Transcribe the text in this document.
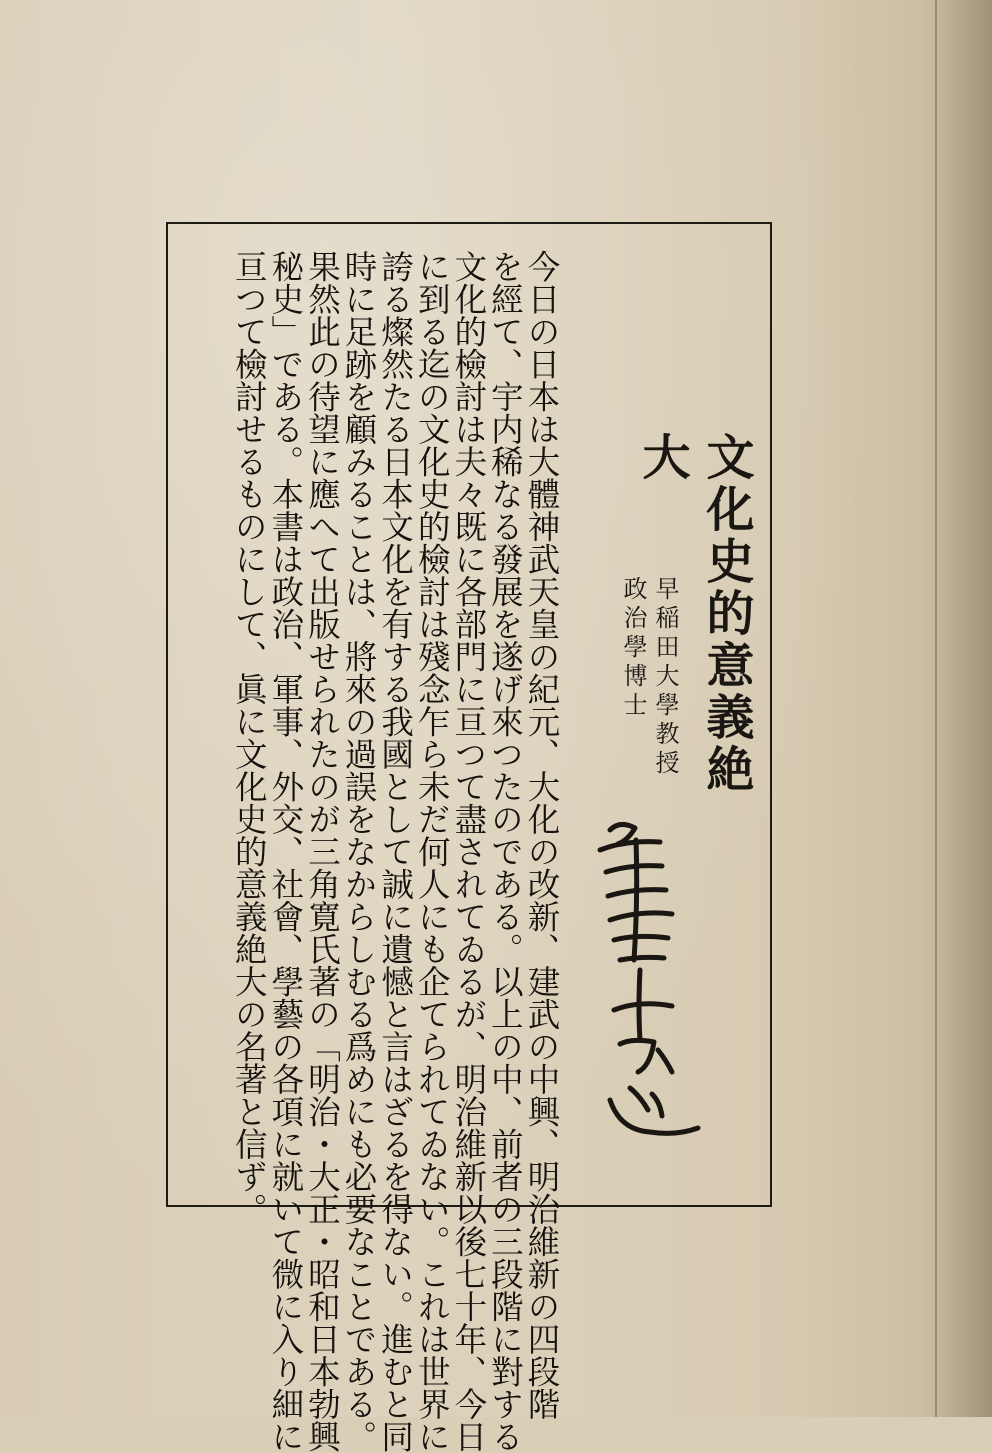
文化史的意義絶大
早稲田大學教授
政治學博士
今日の日本は大體神武天皇の紀元、大化の改新、建武の中興、明治維新の四段階
を經て、宇内稀なる發展を遂げ來つたのである。以上の中、前者の三段階に對する
文化的檢討は夫々既に各部門に亘つて盡されてゐるが、明治維新以後七十年、今日
に到る迄の文化史的檢討は殘念乍ら未だ何人にも企てられてゐない。これは世界に
誇る燦然たる日本文化を有する我國として誠に遺憾と言はざるを得ない。進むと同
時に足跡を顧みることは、將來の過誤をなからしむる爲めにも必要なことである。
果然此の待望に應へて出版せられたのが三角寛氏著の「明治・大正・昭和日本勃興
秘史」である。本書は政治、軍事、外交、社會、學藝の各項に就いて微に入り細に
亘つて檢討せるものにして、眞に文化史的意義絶大の名著と信ず。
